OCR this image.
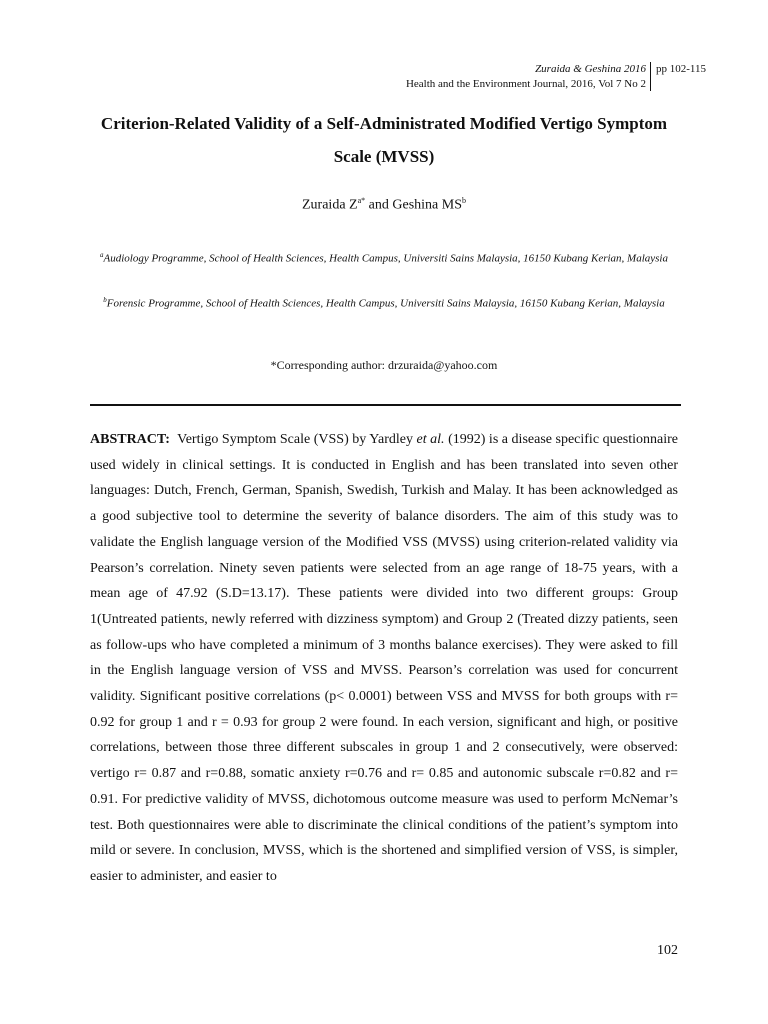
Zuraida & Geshina 2016
Health and the Environment Journal, 2016, Vol 7 No 2
pp 102-115
Criterion-Related Validity of a Self-Administrated Modified Vertigo Symptom Scale (MVSS)
Zuraida $Z^{a*}$ and Geshina $MS^b$
$^a$Audiology Programme, School of Health Sciences, Health Campus, Universiti Sains Malaysia, 16150 Kubang Kerian, Malaysia
$^b$Forensic Programme, School of Health Sciences, Health Campus, Universiti Sains Malaysia, 16150 Kubang Kerian, Malaysia
*Corresponding author: drzuraida@yahoo.com

ABSTRACT: Vertigo Symptom Scale (VSS) by Yardley et al. (1992) is a disease specific questionnaire used widely in clinical settings. It is conducted in English and has been translated into seven other languages: Dutch, French, German, Spanish, Swedish, Turkish and Malay. It has been acknowledged as a good subjective tool to determine the severity of balance disorders. The aim of this study was to validate the English language version of the Modified VSS (MVSS) using criterion-related validity via Pearson’s correlation. Ninety seven patients were selected from an age range of 18-75 years, with a mean age of 47.92 (S.D=13.17). These patients were divided into two different groups: Group 1(Untreated patients, newly referred with dizziness symptom) and Group 2 (Treated dizzy patients, seen as follow-ups who have completed a minimum of 3 months balance exercises). They were asked to fill in the English language version of VSS and MVSS. Pearson’s correlation was used for concurrent validity. Significant positive correlations (p< 0.0001) between VSS and MVSS for both groups with r= 0.92 for group 1 and r = 0.93 for group 2 were found. In each version, significant and high, or positive correlations, between those three different subscales in group 1 and 2 consecutively, were observed: vertigo r= 0.87 and r=0.88, somatic anxiety r=0.76 and r= 0.85 and autonomic subscale r=0.82 and r= 0.91. For predictive validity of MVSS, dichotomous outcome measure was used to perform McNemar’s test. Both questionnaires were able to discriminate the clinical conditions of the patient’s symptom into mild or severe. In conclusion, MVSS, which is the shortened and simplified version of VSS, is simpler, easier to administer, and easier to

102
